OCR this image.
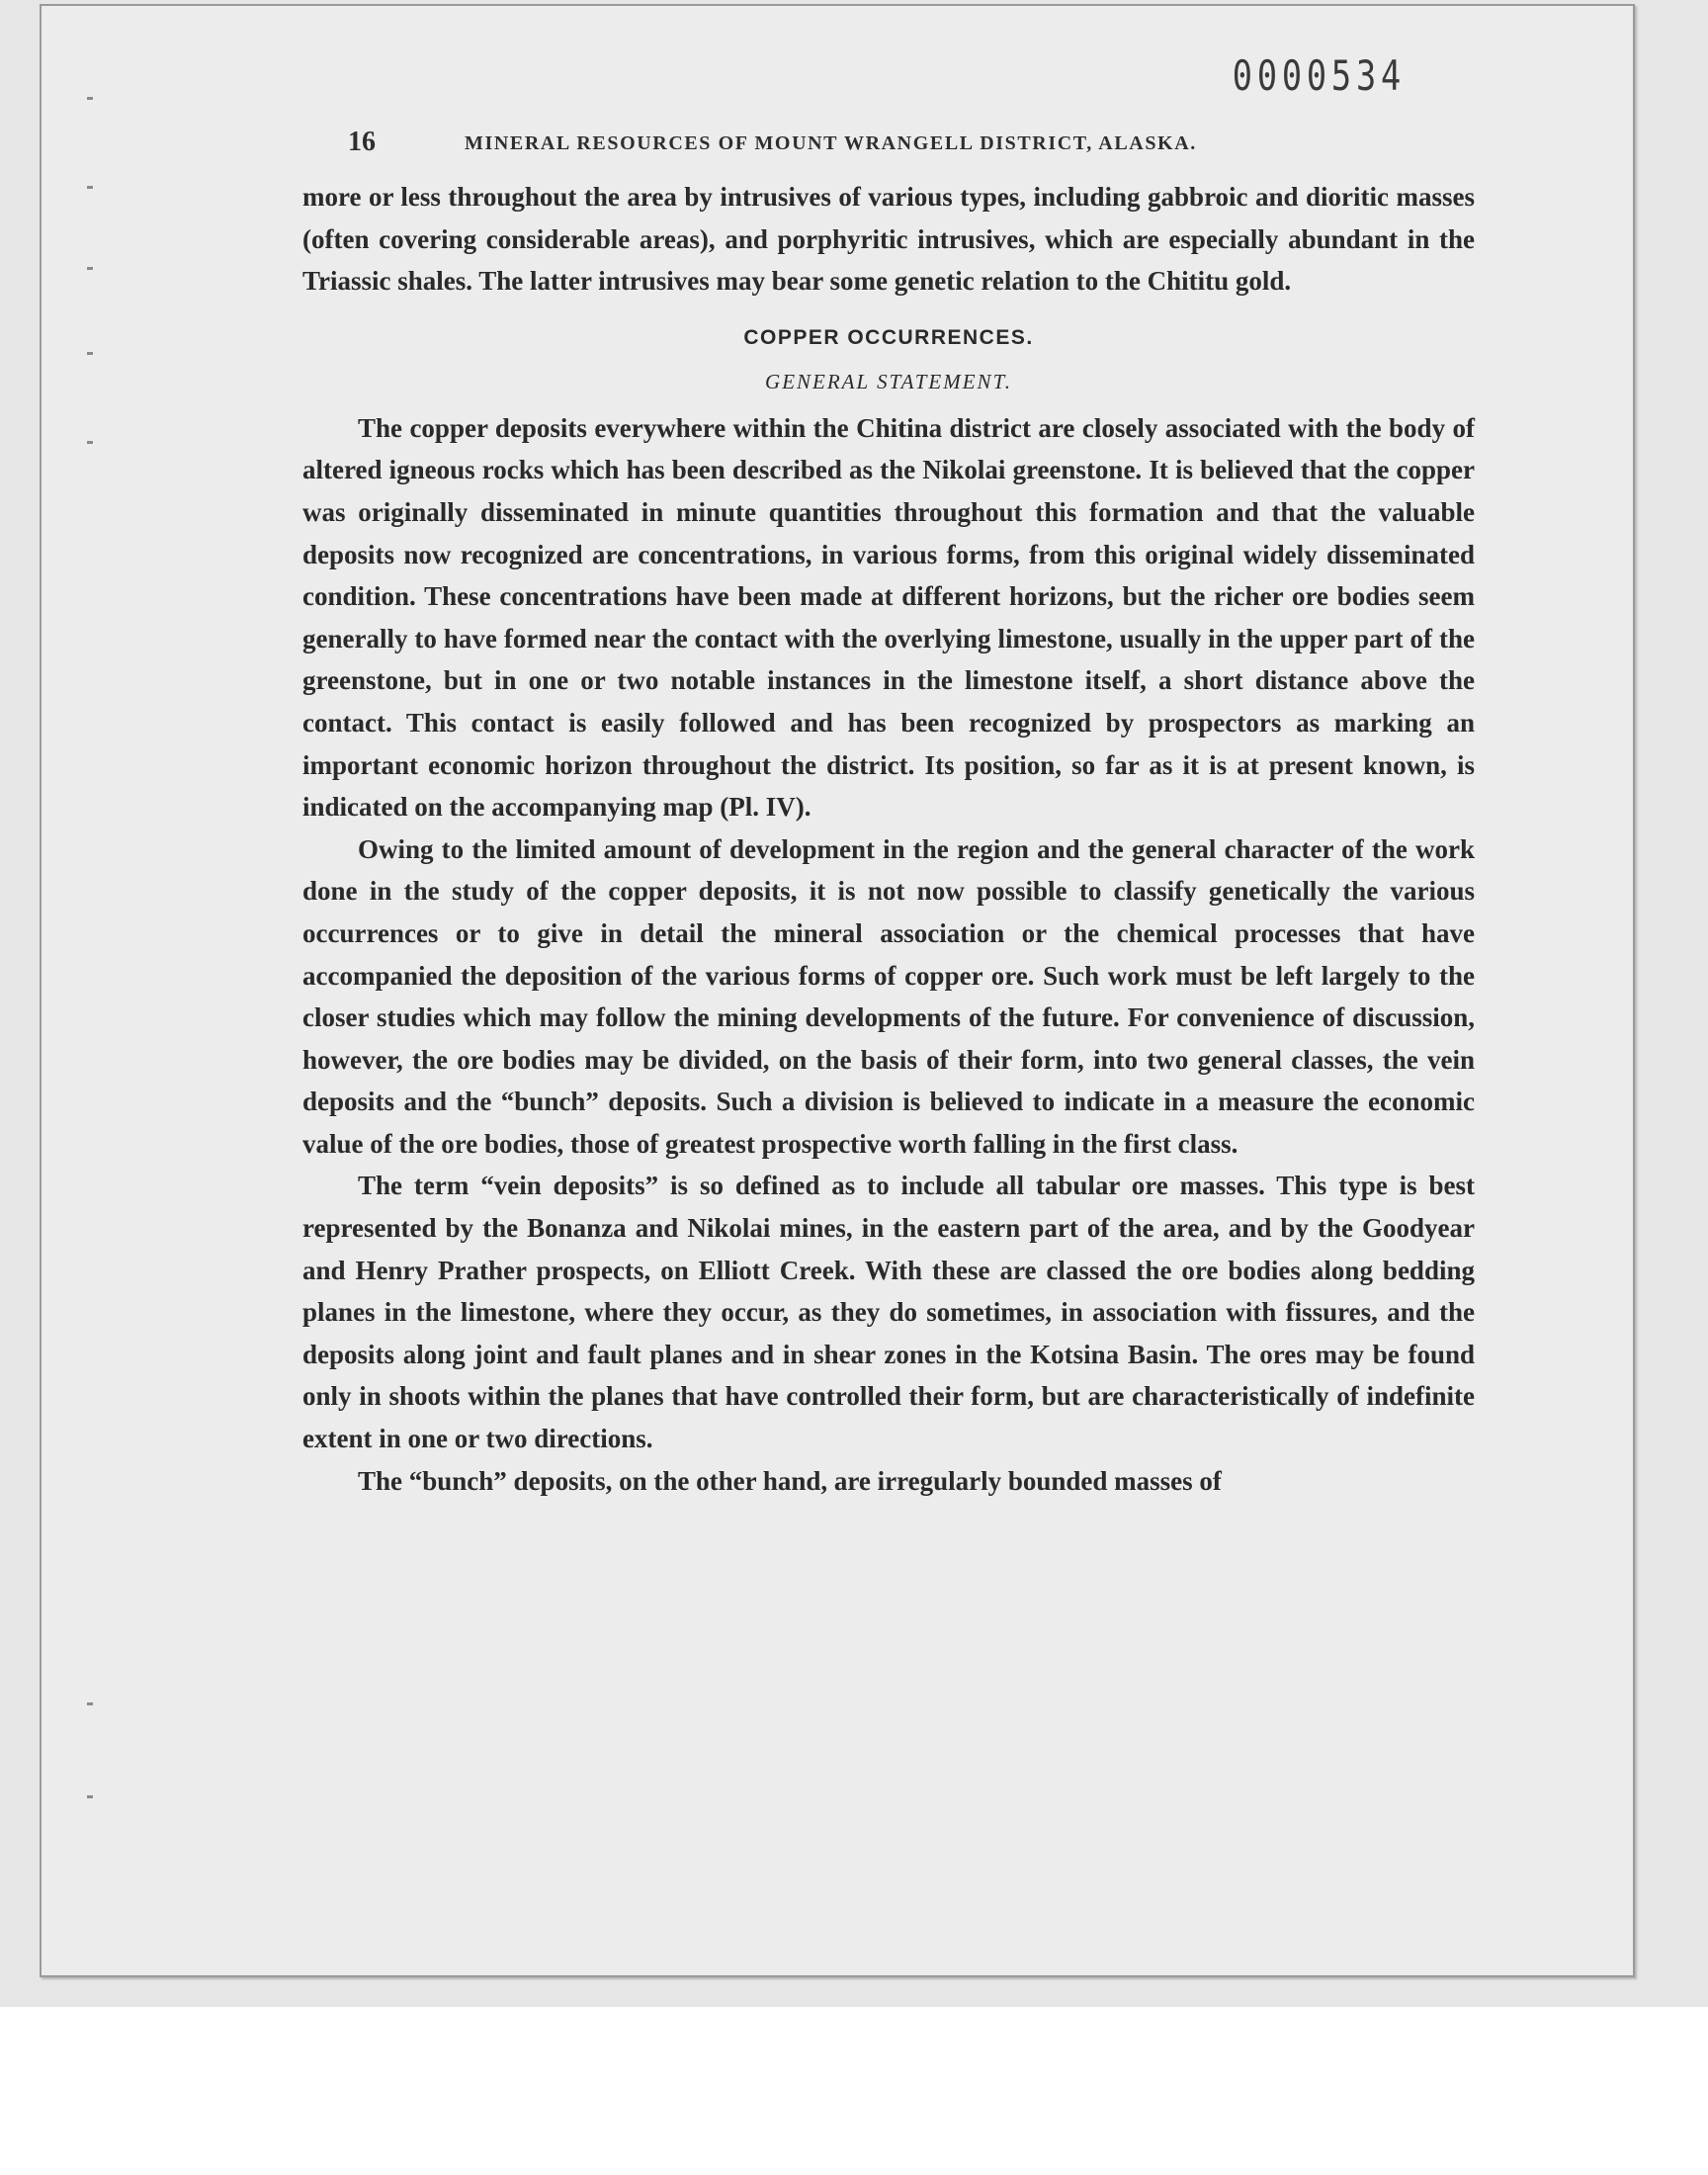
0000534
16	MINERAL RESOURCES OF MOUNT WRANGELL DISTRICT, ALASKA.

more or less throughout the area by intrusives of various types, including gabbroic and dioritic masses (often covering considerable areas), and porphyritic intrusives, which are especially abundant in the Triassic shales. The latter intrusives may bear some genetic relation to the Chititu gold.

COPPER OCCURRENCES.
GENERAL STATEMENT.

The copper deposits everywhere within the Chitina district are closely associated with the body of altered igneous rocks which has been described as the Nikolai greenstone. It is believed that the copper was originally disseminated in minute quantities throughout this formation and that the valuable deposits now recognized are concentrations, in various forms, from this original widely disseminated condition. These concentrations have been made at different horizons, but the richer ore bodies seem generally to have formed near the contact with the overlying limestone, usually in the upper part of the greenstone, but in one or two notable instances in the limestone itself, a short distance above the contact. This contact is easily followed and has been recognized by prospectors as marking an important economic horizon throughout the district. Its position, so far as it is at present known, is indicated on the accompanying map (Pl. IV).

Owing to the limited amount of development in the region and the general character of the work done in the study of the copper deposits, it is not now possible to classify genetically the various occurrences or to give in detail the mineral association or the chemical processes that have accompanied the deposition of the various forms of copper ore. Such work must be left largely to the closer studies which may follow the mining developments of the future. For convenience of discussion, however, the ore bodies may be divided, on the basis of their form, into two general classes, the vein deposits and the “bunch” deposits. Such a division is believed to indicate in a measure the economic value of the ore bodies, those of greatest prospective worth falling in the first class.

The term “vein deposits” is so defined as to include all tabular ore masses. This type is best represented by the Bonanza and Nikolai mines, in the eastern part of the area, and by the Goodyear and Henry Prather prospects, on Elliott Creek. With these are classed the ore bodies along bedding planes in the limestone, where they occur, as they do sometimes, in association with fissures, and the deposits along joint and fault planes and in shear zones in the Kotsina Basin. The ores may be found only in shoots within the planes that have controlled their form, but are characteristically of indefinite extent in one or two directions.

The “bunch” deposits, on the other hand, are irregularly bounded masses of
